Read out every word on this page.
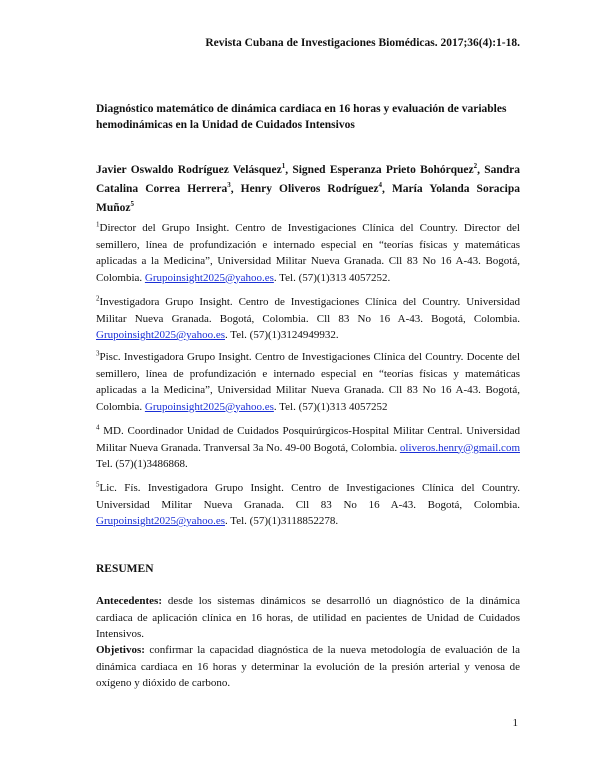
Revista Cubana de Investigaciones Biomédicas. 2017;36(4):1-18.
Diagnóstico matemático de dinámica cardiaca en 16 horas y evaluación de variables hemodinámicas en la Unidad de Cuidados Intensivos
Javier Oswaldo Rodríguez Velásquez$^1$, Signed Esperanza Prieto Bohórquez$^2$, Sandra Catalina Correa Herrera$^3$, Henry Oliveros Rodríguez$^4$, María Yolanda Soracipa Muñoz$^5$
$^1$Director del Grupo Insight. Centro de Investigaciones Clínica del Country. Director del semillero, línea de profundización e internado especial en “teorías físicas y matemáticas aplicadas a la Medicina”, Universidad Militar Nueva Granada. Cll 83 No 16 A-43. Bogotá, Colombia. Grupoinsight2025@yahoo.es. Tel. (57)(1)313 4057252.
$^2$Investigadora Grupo Insight. Centro de Investigaciones Clínica del Country. Universidad Militar Nueva Granada. Bogotá, Colombia. Cll 83 No 16 A-43. Bogotá, Colombia. Grupoinsight2025@yahoo.es. Tel. (57)(1)3124949932.
$^3$Pisc. Investigadora Grupo Insight. Centro de Investigaciones Clínica del Country. Docente del semillero, línea de profundización e internado especial en “teorías físicas y matemáticas aplicadas a la Medicina”, Universidad Militar Nueva Granada. Cll 83 No 16 A-43. Bogotá, Colombia. Grupoinsight2025@yahoo.es. Tel. (57)(1)313 4057252
$^4$ MD. Coordinador Unidad de Cuidados Posquirúrgicos-Hospital Militar Central. Universidad Militar Nueva Granada. Tranversal 3a No. 49-00 Bogotá, Colombia. oliveros.henry@gmail.com Tel. (57)(1)3486868.
$^5$Lic. Fís. Investigadora Grupo Insight. Centro de Investigaciones Clínica del Country. Universidad Militar Nueva Granada. Cll 83 No 16 A-43. Bogotá, Colombia. Grupoinsight2025@yahoo.es. Tel. (57)(1)3118852278.
RESUMEN
Antecedentes: desde los sistemas dinámicos se desarrolló un diagnóstico de la dinámica cardiaca de aplicación clínica en 16 horas, de utilidad en pacientes de Unidad de Cuidados Intensivos.
Objetivos: confirmar la capacidad diagnóstica de la nueva metodología de evaluación de la dinámica cardiaca en 16 horas y determinar la evolución de la presión arterial y venosa de oxígeno y dióxido de carbono.
1
